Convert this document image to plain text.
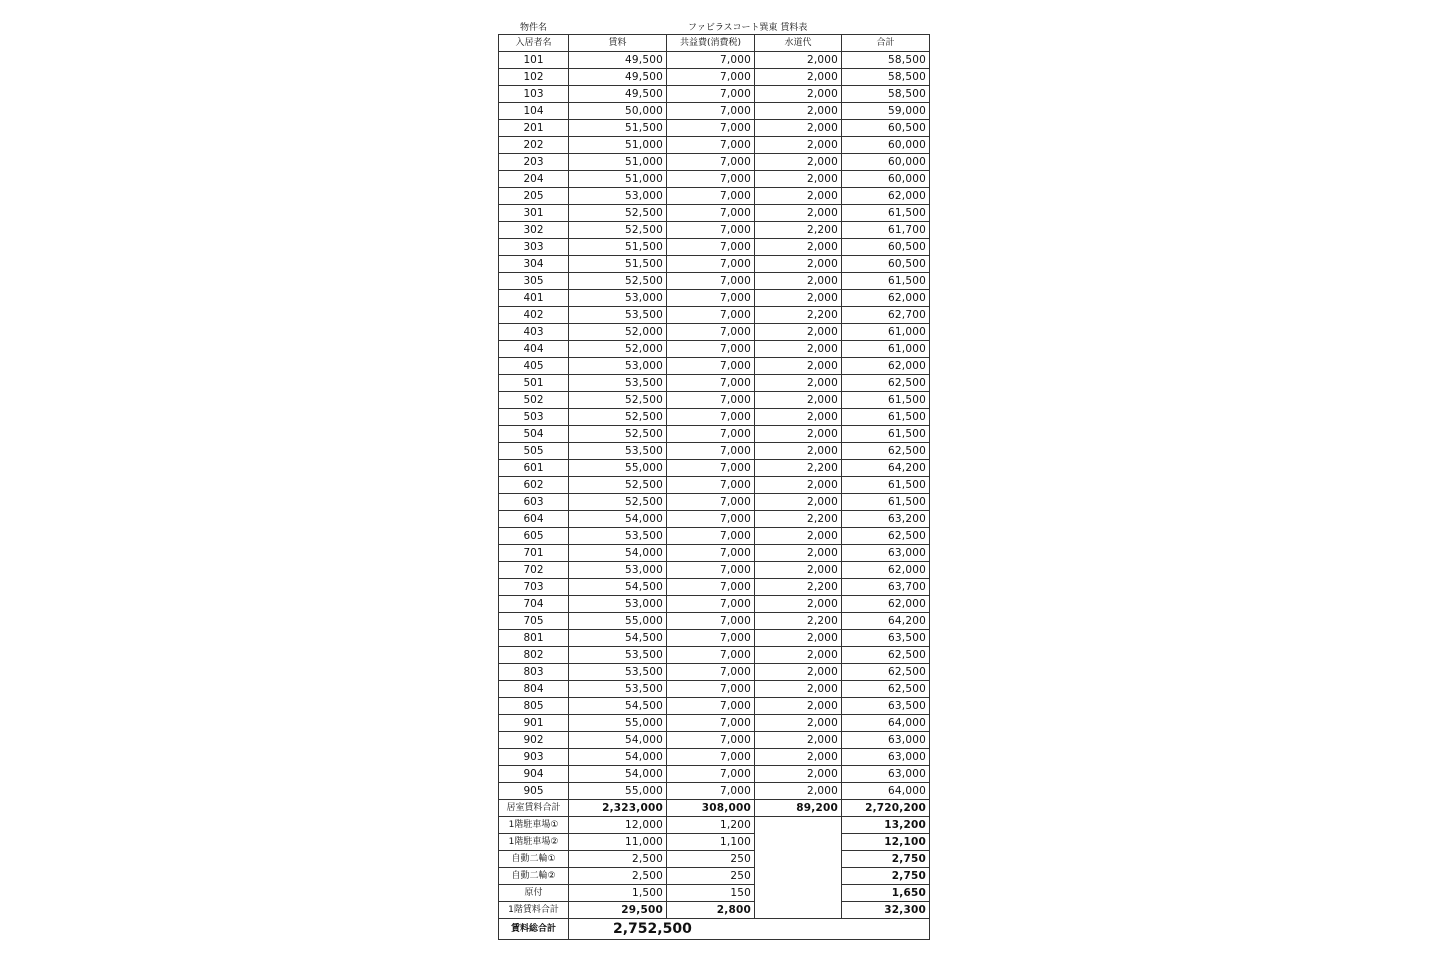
物件名	ファビラスコート巽東 賃料表
入居者名	賃料	共益費(消費税)	水道代	合計
101	49,500	7,000	2,000	58,500
102	49,500	7,000	2,000	58,500
103	49,500	7,000	2,000	58,500
104	50,000	7,000	2,000	59,000
201	51,500	7,000	2,000	60,500
202	51,000	7,000	2,000	60,000
203	51,000	7,000	2,000	60,000
204	51,000	7,000	2,000	60,000
205	53,000	7,000	2,000	62,000
301	52,500	7,000	2,000	61,500
302	52,500	7,000	2,200	61,700
303	51,500	7,000	2,000	60,500
304	51,500	7,000	2,000	60,500
305	52,500	7,000	2,000	61,500
401	53,000	7,000	2,000	62,000
402	53,500	7,000	2,200	62,700
403	52,000	7,000	2,000	61,000
404	52,000	7,000	2,000	61,000
405	53,000	7,000	2,000	62,000
501	53,500	7,000	2,000	62,500
502	52,500	7,000	2,000	61,500
503	52,500	7,000	2,000	61,500
504	52,500	7,000	2,000	61,500
505	53,500	7,000	2,000	62,500
601	55,000	7,000	2,200	64,200
602	52,500	7,000	2,000	61,500
603	52,500	7,000	2,000	61,500
604	54,000	7,000	2,200	63,200
605	53,500	7,000	2,000	62,500
701	54,000	7,000	2,000	63,000
702	53,000	7,000	2,000	62,000
703	54,500	7,000	2,200	63,700
704	53,000	7,000	2,000	62,000
705	55,000	7,000	2,200	64,200
801	54,500	7,000	2,000	63,500
802	53,500	7,000	2,000	62,500
803	53,500	7,000	2,000	62,500
804	53,500	7,000	2,000	62,500
805	54,500	7,000	2,000	63,500
901	55,000	7,000	2,000	64,000
902	54,000	7,000	2,000	63,000
903	54,000	7,000	2,000	63,000
904	54,000	7,000	2,000	63,000
905	55,000	7,000	2,000	64,000
居室賃料合計	2,323,000	308,000	89,200	2,720,200
1階駐車場①	12,000	1,200		13,200
1階駐車場②	11,000	1,100		12,100
自動二輪①	2,500	250		2,750
自動二輪②	2,500	250		2,750
原付	1,500	150		1,650
1階賃料合計	29,500	2,800		32,300
賃料総合計	2,752,500			
